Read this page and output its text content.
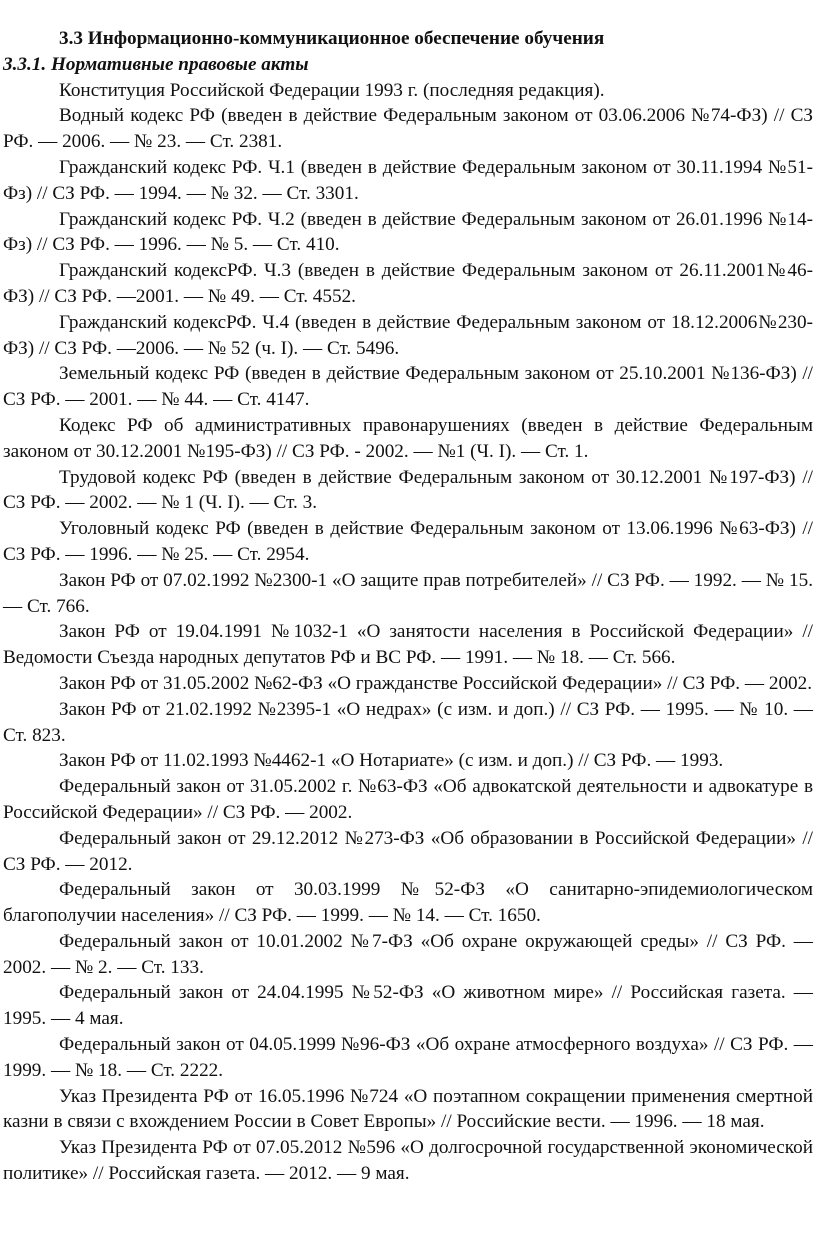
3.3 Информационно-коммуникационное обеспечение обучения
3.3.1. Нормативные правовые акты
Конституция Российской Федерации 1993 г. (последняя редакция).
Водный кодекс РФ (введен в действие Федеральным законом от 03.06.2006 №74-ФЗ) // СЗ РФ. — 2006. — № 23. — Ст. 2381.
Гражданский кодекс РФ. Ч.1 (введен в действие Федеральным законом от 30.11.1994 №51-Фз) // СЗ РФ. — 1994. — № 32. — Ст. 3301.
Гражданский кодекс РФ. Ч.2 (введен в действие Федеральным законом от 26.01.1996 №14-Фз) // СЗ РФ. — 1996. — № 5. — Ст. 410.
Гражданский кодексРФ. Ч.3 (введен в действие Федеральным законом от 26.11.2001№46-ФЗ) // СЗ РФ. —2001. — № 49. — Ст. 4552.
Гражданский кодексРФ. Ч.4 (введен в действие Федеральным законом от 18.12.2006№230-ФЗ) // СЗ РФ. —2006. — № 52 (ч. I). — Ст. 5496.
Земельный кодекс РФ (введен в действие Федеральным законом от 25.10.2001 №136-ФЗ) // СЗ РФ. — 2001. — № 44. — Ст. 4147.
Кодекс РФ об административных правонарушениях (введен в действие Федеральным законом от 30.12.2001 №195-ФЗ) // СЗ РФ. - 2002. — №1 (Ч. I). — Ст. 1.
Трудовой кодекс РФ (введен в действие Федеральным законом от 30.12.2001 №197-ФЗ) // СЗ РФ. — 2002. — № 1 (Ч. I). — Ст. 3.
Уголовный кодекс РФ (введен в действие Федеральным законом от 13.06.1996 №63-ФЗ) // СЗ РФ. — 1996. — № 25. — Ст. 2954.
Закон РФ от 07.02.1992 №2300-1 «О защите прав потребителей» // СЗ РФ. — 1992. — № 15. — Ст. 766.
Закон РФ от 19.04.1991 №1032-1 «О занятости населения в Российской Федерации» // Ведомости Съезда народных депутатов РФ и ВС РФ. — 1991. — № 18. — Ст. 566.
Закон РФ от 31.05.2002 №62-ФЗ «О гражданстве Российской Федерации» // СЗ РФ. — 2002.
Закон РФ от 21.02.1992 №2395-1 «О недрах» (с изм. и доп.) // СЗ РФ. — 1995. — № 10. — Ст. 823.
Закон РФ от 11.02.1993 №4462-1 «О Нотариате» (с изм. и доп.) // СЗ РФ. — 1993.
Федеральный закон от 31.05.2002 г. №63-ФЗ «Об адвокатской деятельности и адвокатуре в Российской Федерации» // СЗ РФ. — 2002.
Федеральный закон от 29.12.2012 №273-ФЗ «Об образовании в Российской Федерации» // СЗ РФ. — 2012.
Федеральный закон от 30.03.1999 №52-ФЗ «О санитарно-эпидемиологическом благополучии населения» // СЗ РФ. — 1999. — № 14. — Ст. 1650.
Федеральный закон от 10.01.2002 №7-ФЗ «Об охране окружающей среды» // СЗ РФ. — 2002. — № 2. — Ст. 133.
Федеральный закон от 24.04.1995 №52-ФЗ «О животном мире» // Российская газета. — 1995. — 4 мая.
Федеральный закон от 04.05.1999 №96-ФЗ «Об охране атмосферного воздуха» // СЗ РФ. — 1999. — № 18. — Ст. 2222.
Указ Президента РФ от 16.05.1996 №724 «О поэтапном сокращении применения смертной казни в связи с вхождением России в Совет Европы» // Российские вести. — 1996. — 18 мая.
Указ Президента РФ от 07.05.2012 №596 «О долгосрочной государственной экономической политике» // Российская газета. — 2012. — 9 мая.
